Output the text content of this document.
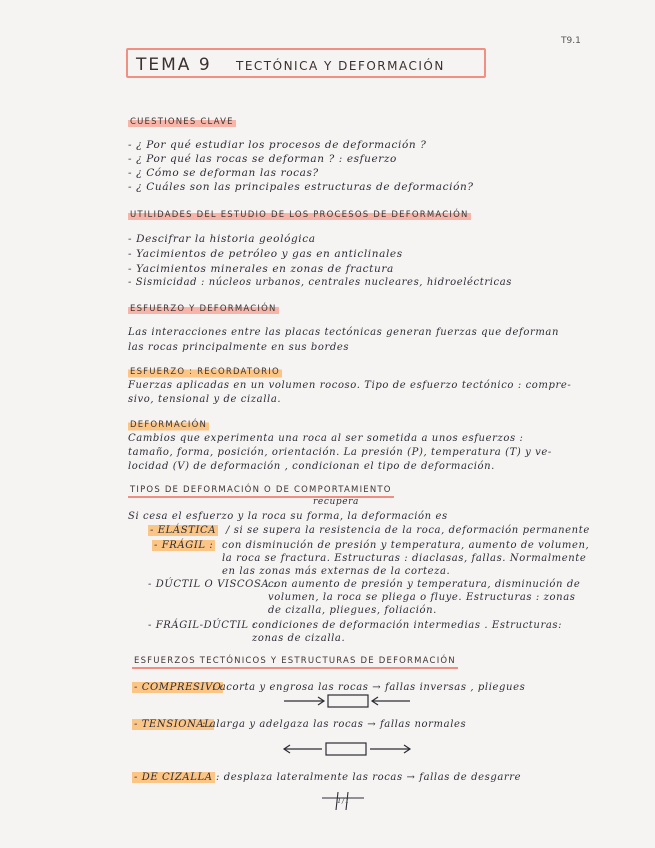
T9.1
TEMA 9 TECTÓNICA Y DEFORMACIÓN
CUESTIONES CLAVE
- ¿ Por qué estudiar los procesos de deformación ?
- ¿ Por qué las rocas se deforman ? : esfuerzo
- ¿ Cómo se deforman las rocas?
- ¿ Cuáles son las principales estructuras de deformación?
UTILIDADES DEL ESTUDIO DE LOS PROCESOS DE DEFORMACIÓN
- Descifrar la historia geológica
- Yacimientos de petróleo y gas en anticlinales
- Yacimientos minerales en zonas de fractura
- Sismicidad : núcleos urbanos, centrales nucleares, hidroeléctricas
ESFUERZO Y DEFORMACIÓN
Las interacciones entre las placas tectónicas generan fuerzas que deforman
las rocas principalmente en sus bordes
ESFUERZO : RECORDATORIO
Fuerzas aplicadas en un volumen rocoso. Tipo de esfuerzo tectónico : compre-
sivo, tensional y de cizalla.
DEFORMACIÓN
Cambios que experimenta una roca al ser sometida a unos esfuerzos :
tamaño, forma, posición, orientación. La presión (P), temperatura (T) y ve-
locidad (V) de deformación , condicionan el tipo de deformación.
TIPOS DE DEFORMACIÓN O DE COMPORTAMIENTO
recupera
Si cesa el esfuerzo y la roca su forma, la deformación es
- ELÁSTICA / si se supera la resistencia de la roca, deformación permanente
- FRÁGIL : con disminución de presión y temperatura, aumento de volumen,
la roca se fractura. Estructuras : diaclasas, fallas. Normalmente
en las zonas más externas de la corteza.
- DÚCTIL O VISCOSA :
con aumento de presión y temperatura, disminución de
volumen, la roca se pliega o fluye. Estructuras : zonas
de cizalla, pliegues, foliación.
- FRÁGIL-DÚCTIL :
condiciones de deformación intermedias . Estructuras:
zonas de cizalla.
ESFUERZOS TECTÓNICOS Y ESTRUCTURAS DE DEFORMACIÓN
- COMPRESIVO
: acorta y engrosa las rocas → fallas inversas , pliegues
- TENSIONAL
: alarga y adelgaza las rocas → fallas normales
- DE CIZALLA : desplaza lateralmente las rocas → fallas de desgarre
1/1
